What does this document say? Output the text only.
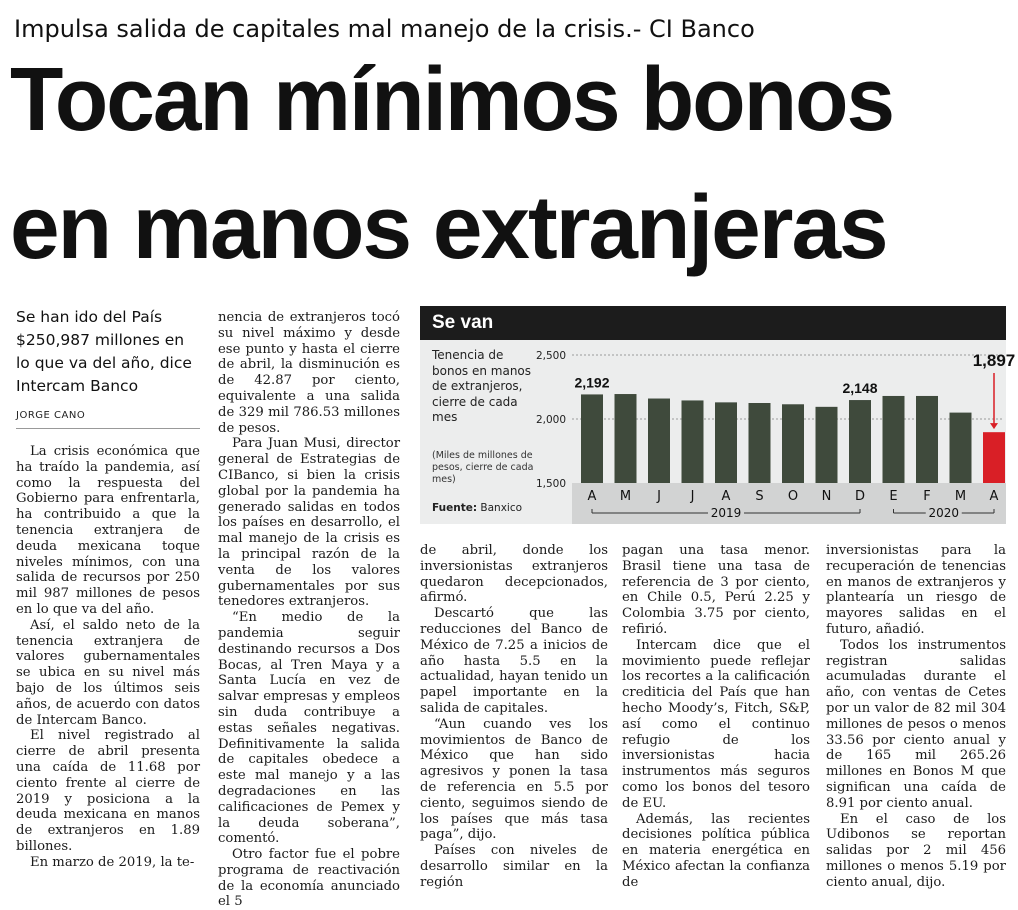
Impulsa salida de capitales mal manejo de la crisis.- CI Banco
Tocan mínimos bonos
en manos extranjeras
Se han ido del País $250,987 millones en lo que va del año, dice Intercam Banco
JORGE CANO

La crisis económica que ha traído la pandemia, así como la respuesta del Gobierno para enfrentarla, ha contribuido a que la tenencia extranjera de deuda mexicana toque niveles mínimos, con una salida de recursos por 250 mil 987 millones de pesos en lo que va del año.

Así, el saldo neto de la tenencia extranjera de valores gubernamentales se ubica en su nivel más bajo de los últimos seis años, de acuerdo con datos de Intercam Banco.

El nivel registrado al cierre de abril presenta una caída de 11.68 por ciento frente al cierre de 2019 y posiciona a la deuda mexicana en manos de extranjeros en 1.89 billones.

En marzo de 2019, la te-

nencia de extranjeros tocó su nivel máximo y desde ese punto y hasta el cierre de abril, la disminución es de 42.87 por ciento, equivalente a una salida de 329 mil 786.53 millones de pesos.

Para Juan Musi, director general de Estrategias de CIBanco, si bien la crisis global por la pandemia ha generado salidas en todos los países en desarrollo, el mal manejo de la crisis es la principal razón de la venta de los valores gubernamentales por sus tenedores extranjeros.

“En medio de la pandemia seguir destinando recursos a Dos Bocas, al Tren Maya y a Santa Lucía en vez de salvar empresas y empleos sin duda contribuye a estas señales negativas. Definitivamente la salida de capitales obedece a este mal manejo y a las degradaciones en las calificaciones de Pemex y la deuda soberana”, comentó.

Otro factor fue el pobre programa de reactivación de la economía anunciado el 5

de abril, donde los inversionistas extranjeros quedaron decepcionados, afirmó.

Descartó que las reducciones del Banco de México de 7.25 a inicios de año hasta 5.5 en la actualidad, hayan tenido un papel importante en la salida de capitales.

“Aun cuando ves los movimientos de Banco de México que han sido agresivos y ponen la tasa de referencia en 5.5 por ciento, seguimos siendo de los países que más tasa paga”, dijo.

Países con niveles de desarrollo similar en la región

pagan una tasa menor. Brasil tiene una tasa de referencia de 3 por ciento, en Chile 0.5, Perú 2.25 y Colombia 3.75 por ciento, refirió.

Intercam dice que el movimiento puede reflejar los recortes a la calificación crediticia del País que han hecho Moody’s, Fitch, S&P, así como el continuo refugio de los inversionistas hacia instrumentos más seguros como los bonos del tesoro de EU.

Además, las recientes decisiones política pública en materia energética en México afectan la confianza de

inversionistas para la recuperación de tenencias en manos de extranjeros y plantearía un riesgo de mayores salidas en el futuro, añadió.

Todos los instrumentos registran salidas acumuladas durante el año, con ventas de Cetes por un valor de 82 mil 304 millones de pesos o menos 33.56 por ciento anual y de 165 mil 265.26 millones en Bonos M que significan una caída de 8.91 por ciento anual.

En el caso de los Udibonos se reportan salidas por 2 mil 456 millones o menos 5.19 por ciento anual, dijo.

Se van
1,500
2,000
2,500
A
2,192
M J J A S O N D
2,148
E F M A
1,897
2019	2020
Tenencia de bonos en manos de extranjeros, cierre de cada mes
(Miles de millones de pesos, cierre de cada mes)
Fuente: Banxico
